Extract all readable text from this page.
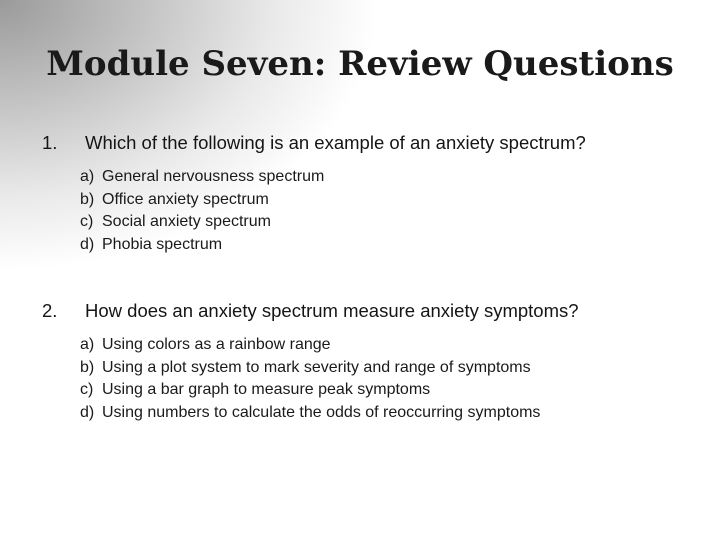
Module Seven: Review Questions
1.	Which of the following is an example of an anxiety spectrum?
a) General nervousness spectrum
b) Office anxiety spectrum
c) Social anxiety spectrum
d) Phobia spectrum
2.	How does an anxiety spectrum measure anxiety symptoms?
a) Using colors as a rainbow range
b) Using a plot system to mark severity and range of symptoms
c) Using a bar graph to measure peak symptoms
d) Using numbers to calculate the odds of reoccurring symptoms
